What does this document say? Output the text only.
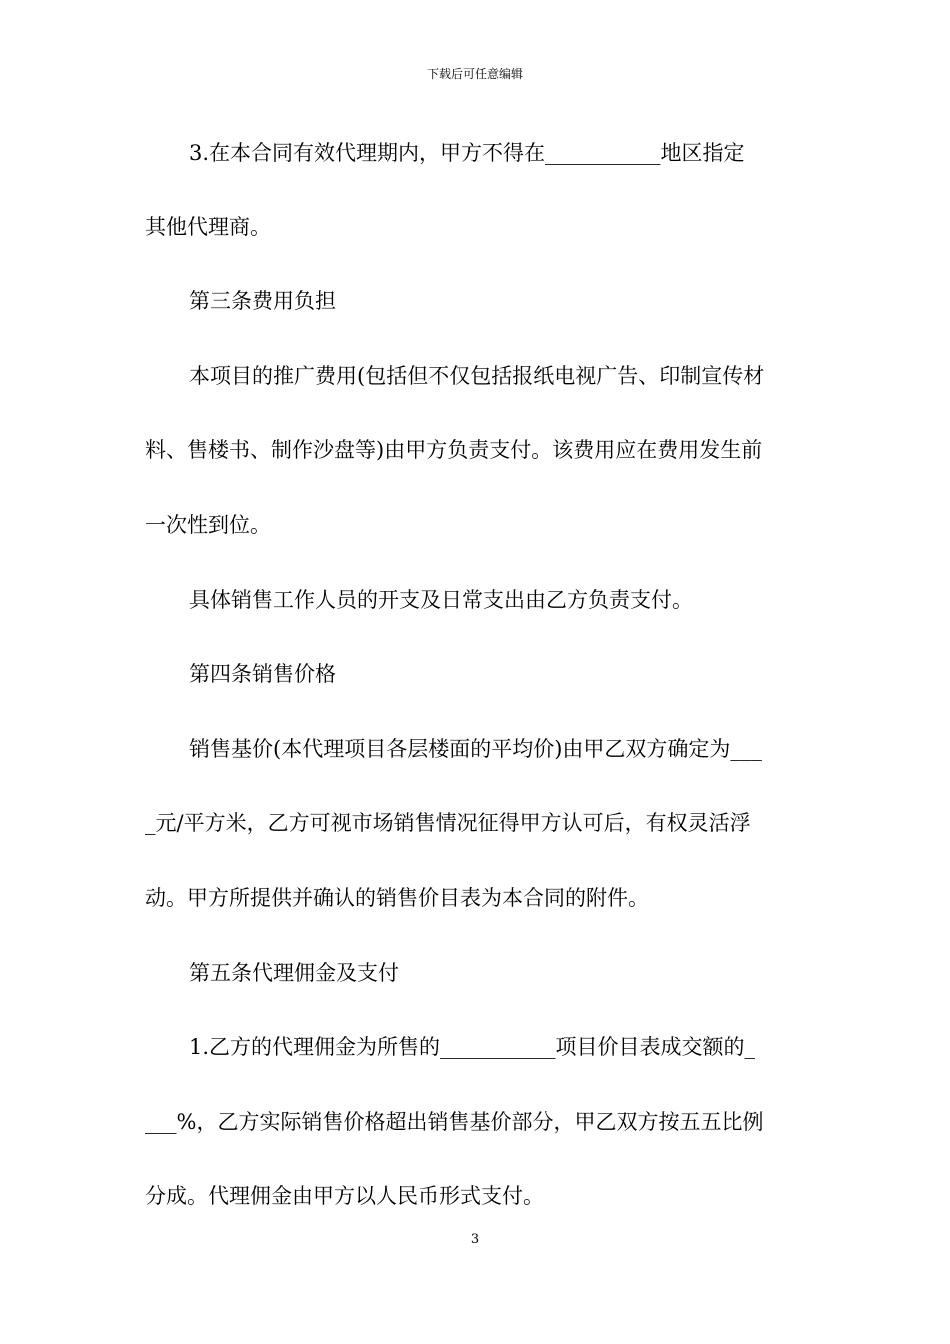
下载后可任意编辑
3.在本合同有效代理期内，甲方不得在___________地区指定
其他代理商。
第三条费用负担
本项目的推广费用(包括但不仅包括报纸电视广告、印制宣传材
料、售楼书、制作沙盘等)由甲方负责支付。该费用应在费用发生前
一次性到位。
具体销售工作人员的开支及日常支出由乙方负责支付。
第四条销售价格
销售基价(本代理项目各层楼面的平均价)由甲乙双方确定为___
_元/平方米，乙方可视市场销售情况征得甲方认可后，有权灵活浮
动。甲方所提供并确认的销售价目表为本合同的附件。
第五条代理佣金及支付
1.乙方的代理佣金为所售的___________项目价目表成交额的_
___%，乙方实际销售价格超出销售基价部分，甲乙双方按五五比例
分成。代理佣金由甲方以人民币形式支付。
3
